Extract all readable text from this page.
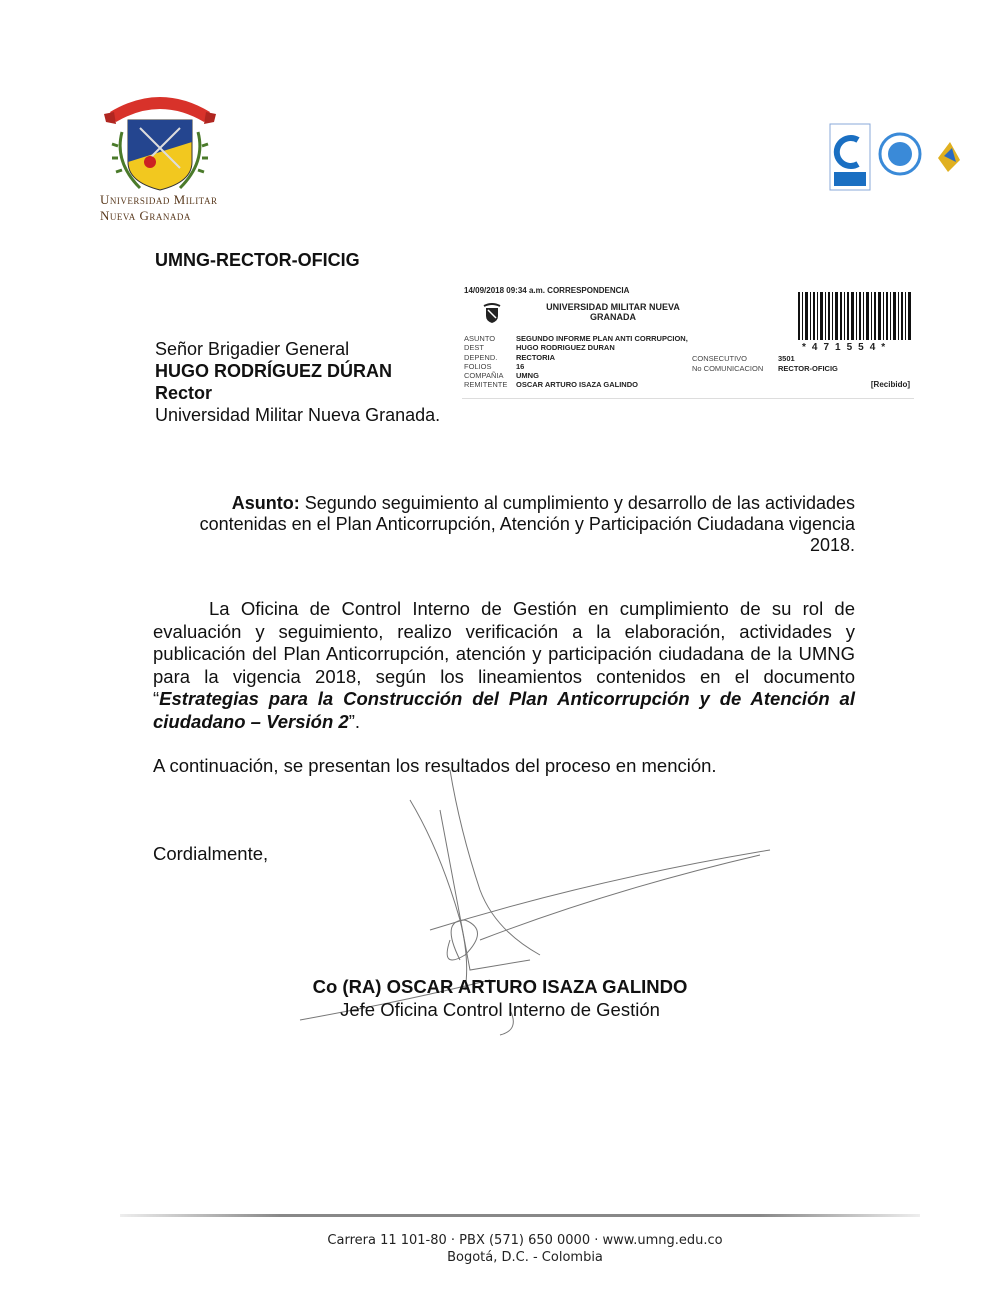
Universidad Militar
Nueva Granada
UMNG-RECTOR-OFICIG
14/09/2018 09:34 a.m. CORRESPONDENCIA
UNIVERSIDAD MILITAR NUEVA GRANADA
ASUNTO
DEST
DEPEND.
FOLIOS
COMPAÑIA
REMITENTE
SEGUNDO INFORME PLAN ANTI CORRUPCION,
HUGO RODRIGUEZ DURAN
RECTORIA
16
UMNG
OSCAR ARTURO ISAZA GALINDO
CONSECUTIVO
No COMUNICACION
3501
RECTOR-OFICIG
*471554*
[Recibido]
Señor Brigadier General
HUGO RODRÍGUEZ DÚRAN
Rector
Universidad Militar Nueva Granada.
Asunto: Segundo seguimiento al cumplimiento y desarrollo de las actividades contenidas en el Plan Anticorrupción, Atención y Participación Ciudadana vigencia 2018.
La Oficina de Control Interno de Gestión en cumplimiento de su rol de evaluación y seguimiento, realizo verificación a la elaboración, actividades y publicación del Plan Anticorrupción, atención y participación ciudadana de la UMNG para la vigencia 2018, según los lineamientos contenidos en el documento “Estrategias para la Construcción del Plan Anticorrupción y de Atención al ciudadano – Versión 2”.
A continuación, se presentan los resultados del proceso en mención.
Cordialmente,
Co (RA) OSCAR ARTURO ISAZA GALINDO
Jefe Oficina Control Interno de Gestión
Carrera 11 101-80 · PBX (571) 650 0000 · www.umng.edu.co
Bogotá, D.C. - Colombia
